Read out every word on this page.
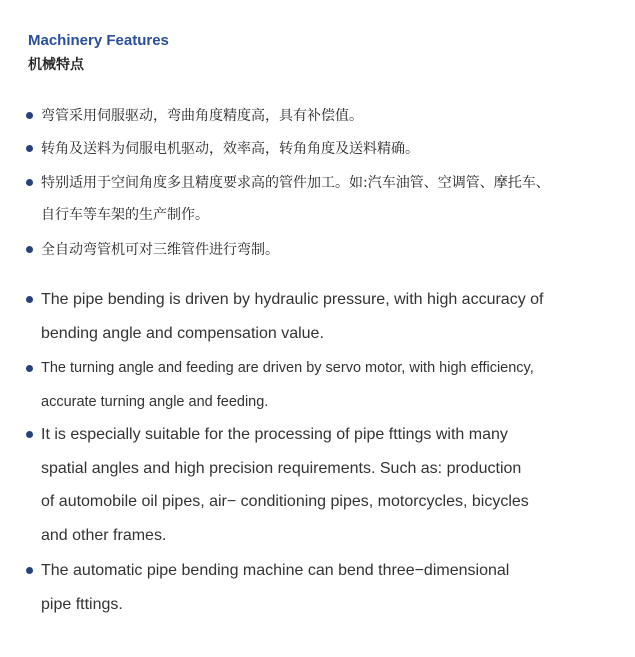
Machinery Features
机械特点
弯管采用伺服驱动，弯曲角度精度高，具有补偿值。
转角及送料为伺服电机驱动，效率高，转角角度及送料精确。
特别适用于空间角度多且精度要求高的管件加工。如:汽车油管、空调管、摩托车、
自行车等车架的生产制作。
全自动弯管机可对三维管件进行弯制。
The pipe bending is driven by hydraulic pressure, with high accuracy of
bending angle and compensation value.
The turning angle and feeding are driven by servo motor, with high efficiency,
accurate turning angle and feeding.
It is especially suitable for the processing of pipe fttings with many
spatial angles and high precision requirements. Such as: production
of automobile oil pipes, air− conditioning pipes, motorcycles, bicycles
and other frames.
The automatic pipe bending machine can bend three−dimensional
pipe fttings.
